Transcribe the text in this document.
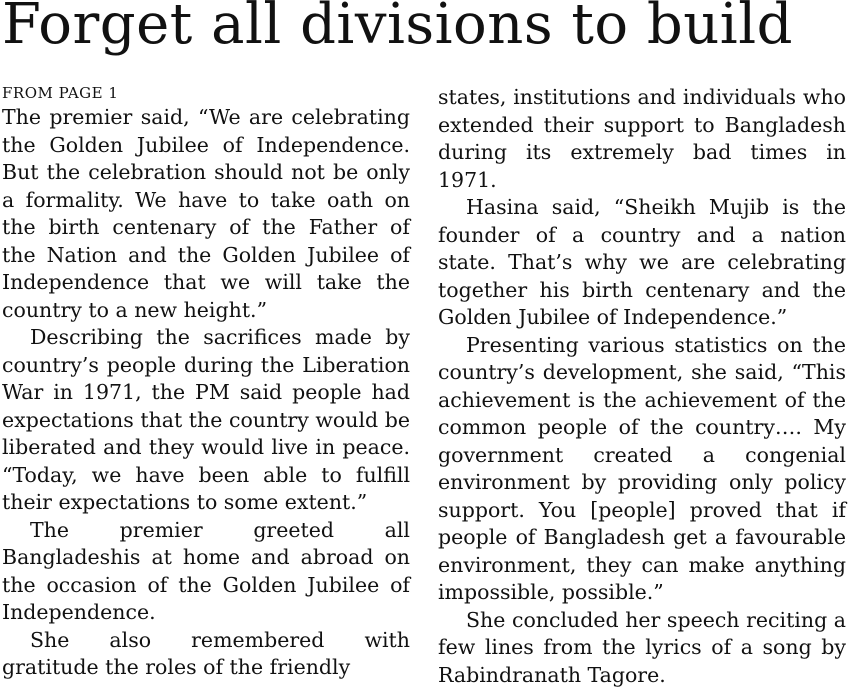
Forget all divisions to build

FROM PAGE 1

The premier said, “We are celebrating the Golden Jubilee of Independence. But the celebration should not be only a formality. We have to take oath on the birth centenary of the Father of the Nation and the Golden Jubilee of Independence that we will take the country to a new height.”

Describing the sacrifices made by country’s people during the Liberation War in 1971, the PM said people had expectations that the country would be liberated and they would live in peace. “Today, we have been able to fulfill their expectations to some extent.”

The premier greeted all Bangladeshis at home and abroad on the occasion of the Golden Jubilee of Independence.

She also remembered with gratitude the roles of the friendly

states, institutions and individuals who extended their support to Bangladesh during its extremely bad times in 1971.

Hasina said, “Sheikh Mujib is the founder of a country and a nation state. That’s why we are celebrating together his birth centenary and the Golden Jubilee of Independence.”

Presenting various statistics on the country’s development, she said, “This achievement is the achievement of the common people of the country…. My government created a congenial environment by providing only policy support. You [people] proved that if people of Bangladesh get a favourable environment, they can make anything impossible, possible.”

She concluded her speech reciting a few lines from the lyrics of a song by Rabindranath Tagore.
